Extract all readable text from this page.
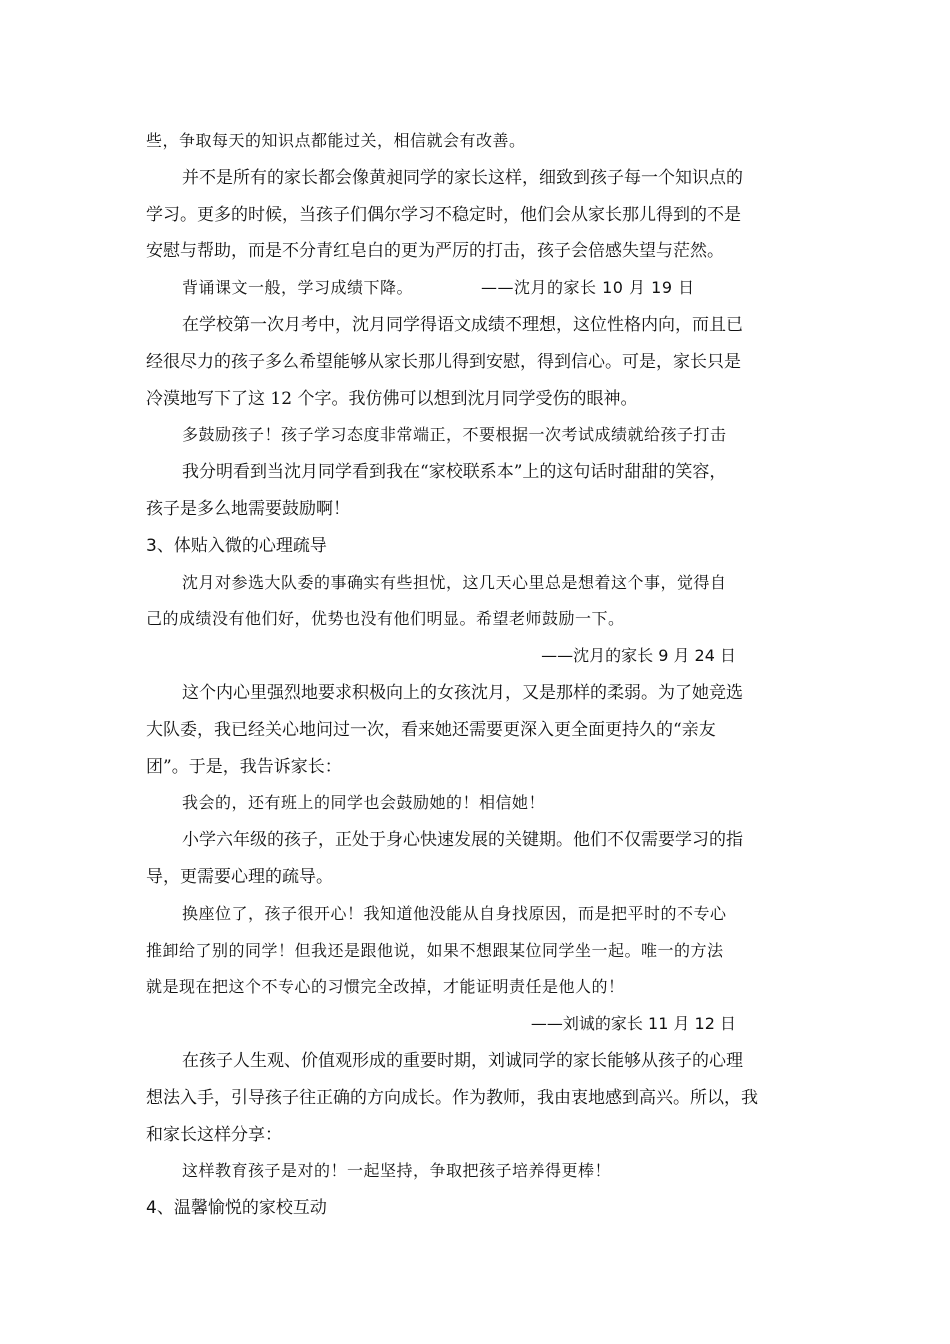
些，争取每天的知识点都能过关，相信就会有改善。
并不是所有的家长都会像黄昶同学的家长这样，细致到孩子每一个知识点的
学习。更多的时候，当孩子们偶尔学习不稳定时，他们会从家长那儿得到的不是
安慰与帮助，而是不分青红皂白的更为严厉的打击，孩子会倍感失望与茫然。
背诵课文一般，学习成绩下降。	——沈月的家长 10 月 19 日
在学校第一次月考中，沈月同学得语文成绩不理想，这位性格内向，而且已
经很尽力的孩子多么希望能够从家长那儿得到安慰，得到信心。可是，家长只是
冷漠地写下了这 12 个字。我仿佛可以想到沈月同学受伤的眼神。
多鼓励孩子！孩子学习态度非常端正，不要根据一次考试成绩就给孩子打击
我分明看到当沈月同学看到我在“家校联系本”上的这句话时甜甜的笑容，
孩子是多么地需要鼓励啊！
3、体贴入微的心理疏导
沈月对参选大队委的事确实有些担忧，这几天心里总是想着这个事，觉得自
己的成绩没有他们好，优势也没有他们明显。希望老师鼓励一下。
——沈月的家长 9 月 24 日
这个内心里强烈地要求积极向上的女孩沈月，又是那样的柔弱。为了她竞选
大队委，我已经关心地问过一次，看来她还需要更深入更全面更持久的“亲友
团”。于是，我告诉家长：
我会的，还有班上的同学也会鼓励她的！相信她！
小学六年级的孩子，正处于身心快速发展的关键期。他们不仅需要学习的指
导，更需要心理的疏导。
换座位了，孩子很开心！我知道他没能从自身找原因，而是把平时的不专心
推卸给了别的同学！但我还是跟他说，如果不想跟某位同学坐一起。唯一的方法
就是现在把这个不专心的习惯完全改掉，才能证明责任是他人的！
——刘诚的家长 11 月 12 日
在孩子人生观、价值观形成的重要时期，刘诚同学的家长能够从孩子的心理
想法入手，引导孩子往正确的方向成长。作为教师，我由衷地感到高兴。所以，我
和家长这样分享：
这样教育孩子是对的！一起坚持，争取把孩子培养得更棒！
4、温馨愉悦的家校互动
